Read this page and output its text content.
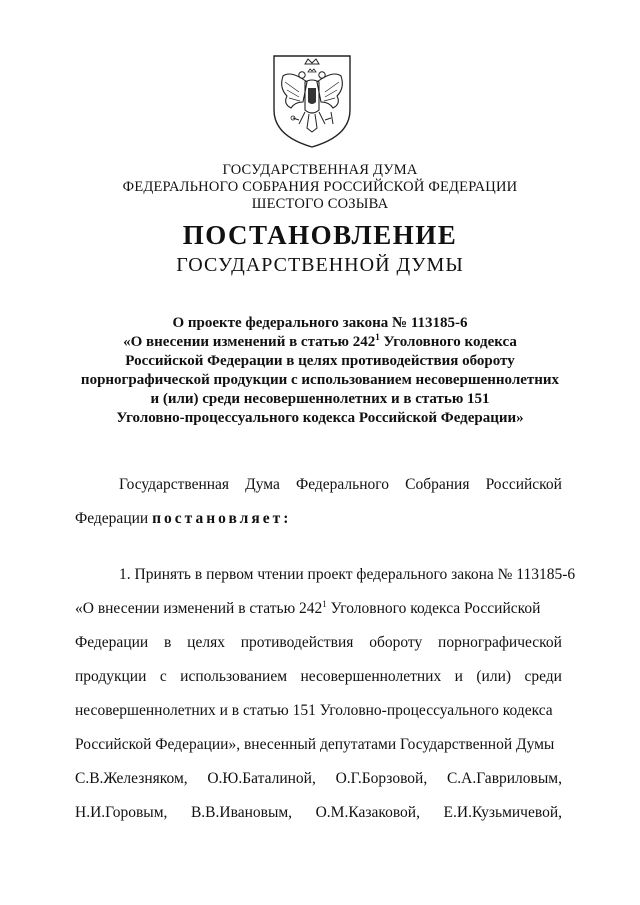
ГОСУДАРСТВЕННАЯ ДУМА
ФЕДЕРАЛЬНОГО СОБРАНИЯ РОССИЙСКОЙ ФЕДЕРАЦИИ
ШЕСТОГО СОЗЫВА
ПОСТАНОВЛЕНИЕ
ГОСУДАРСТВЕННОЙ ДУМЫ
О проекте федерального закона № 113185-6
«О внесении изменений в статью $242^1$ Уголовного кодекса
Российской Федерации в целях противодействия обороту
порнографической продукции с использованием несовершеннолетних
и (или) среди несовершеннолетних и в статью 151
Уголовно-процессуального кодекса Российской Федерации»
Государственная Дума Федерального Собрания Российской
Федерации постановляет:
1. Принять в первом чтении проект федерального закона № 113185-6
«О внесении изменений в статью $242^1$ Уголовного кодекса Российской
Федерации в целях противодействия обороту порнографической
продукции с использованием несовершеннолетних и (или) среди
несовершеннолетних и в статью 151 Уголовно-процессуального кодекса
Российской Федерации», внесенный депутатами Государственной Думы
С.В.Железняком, О.Ю.Баталиной, О.Г.Борзовой, С.А.Гавриловым,
Н.И.Горовым, В.В.Ивановым, О.М.Казаковой, Е.И.Кузьмичевой,
